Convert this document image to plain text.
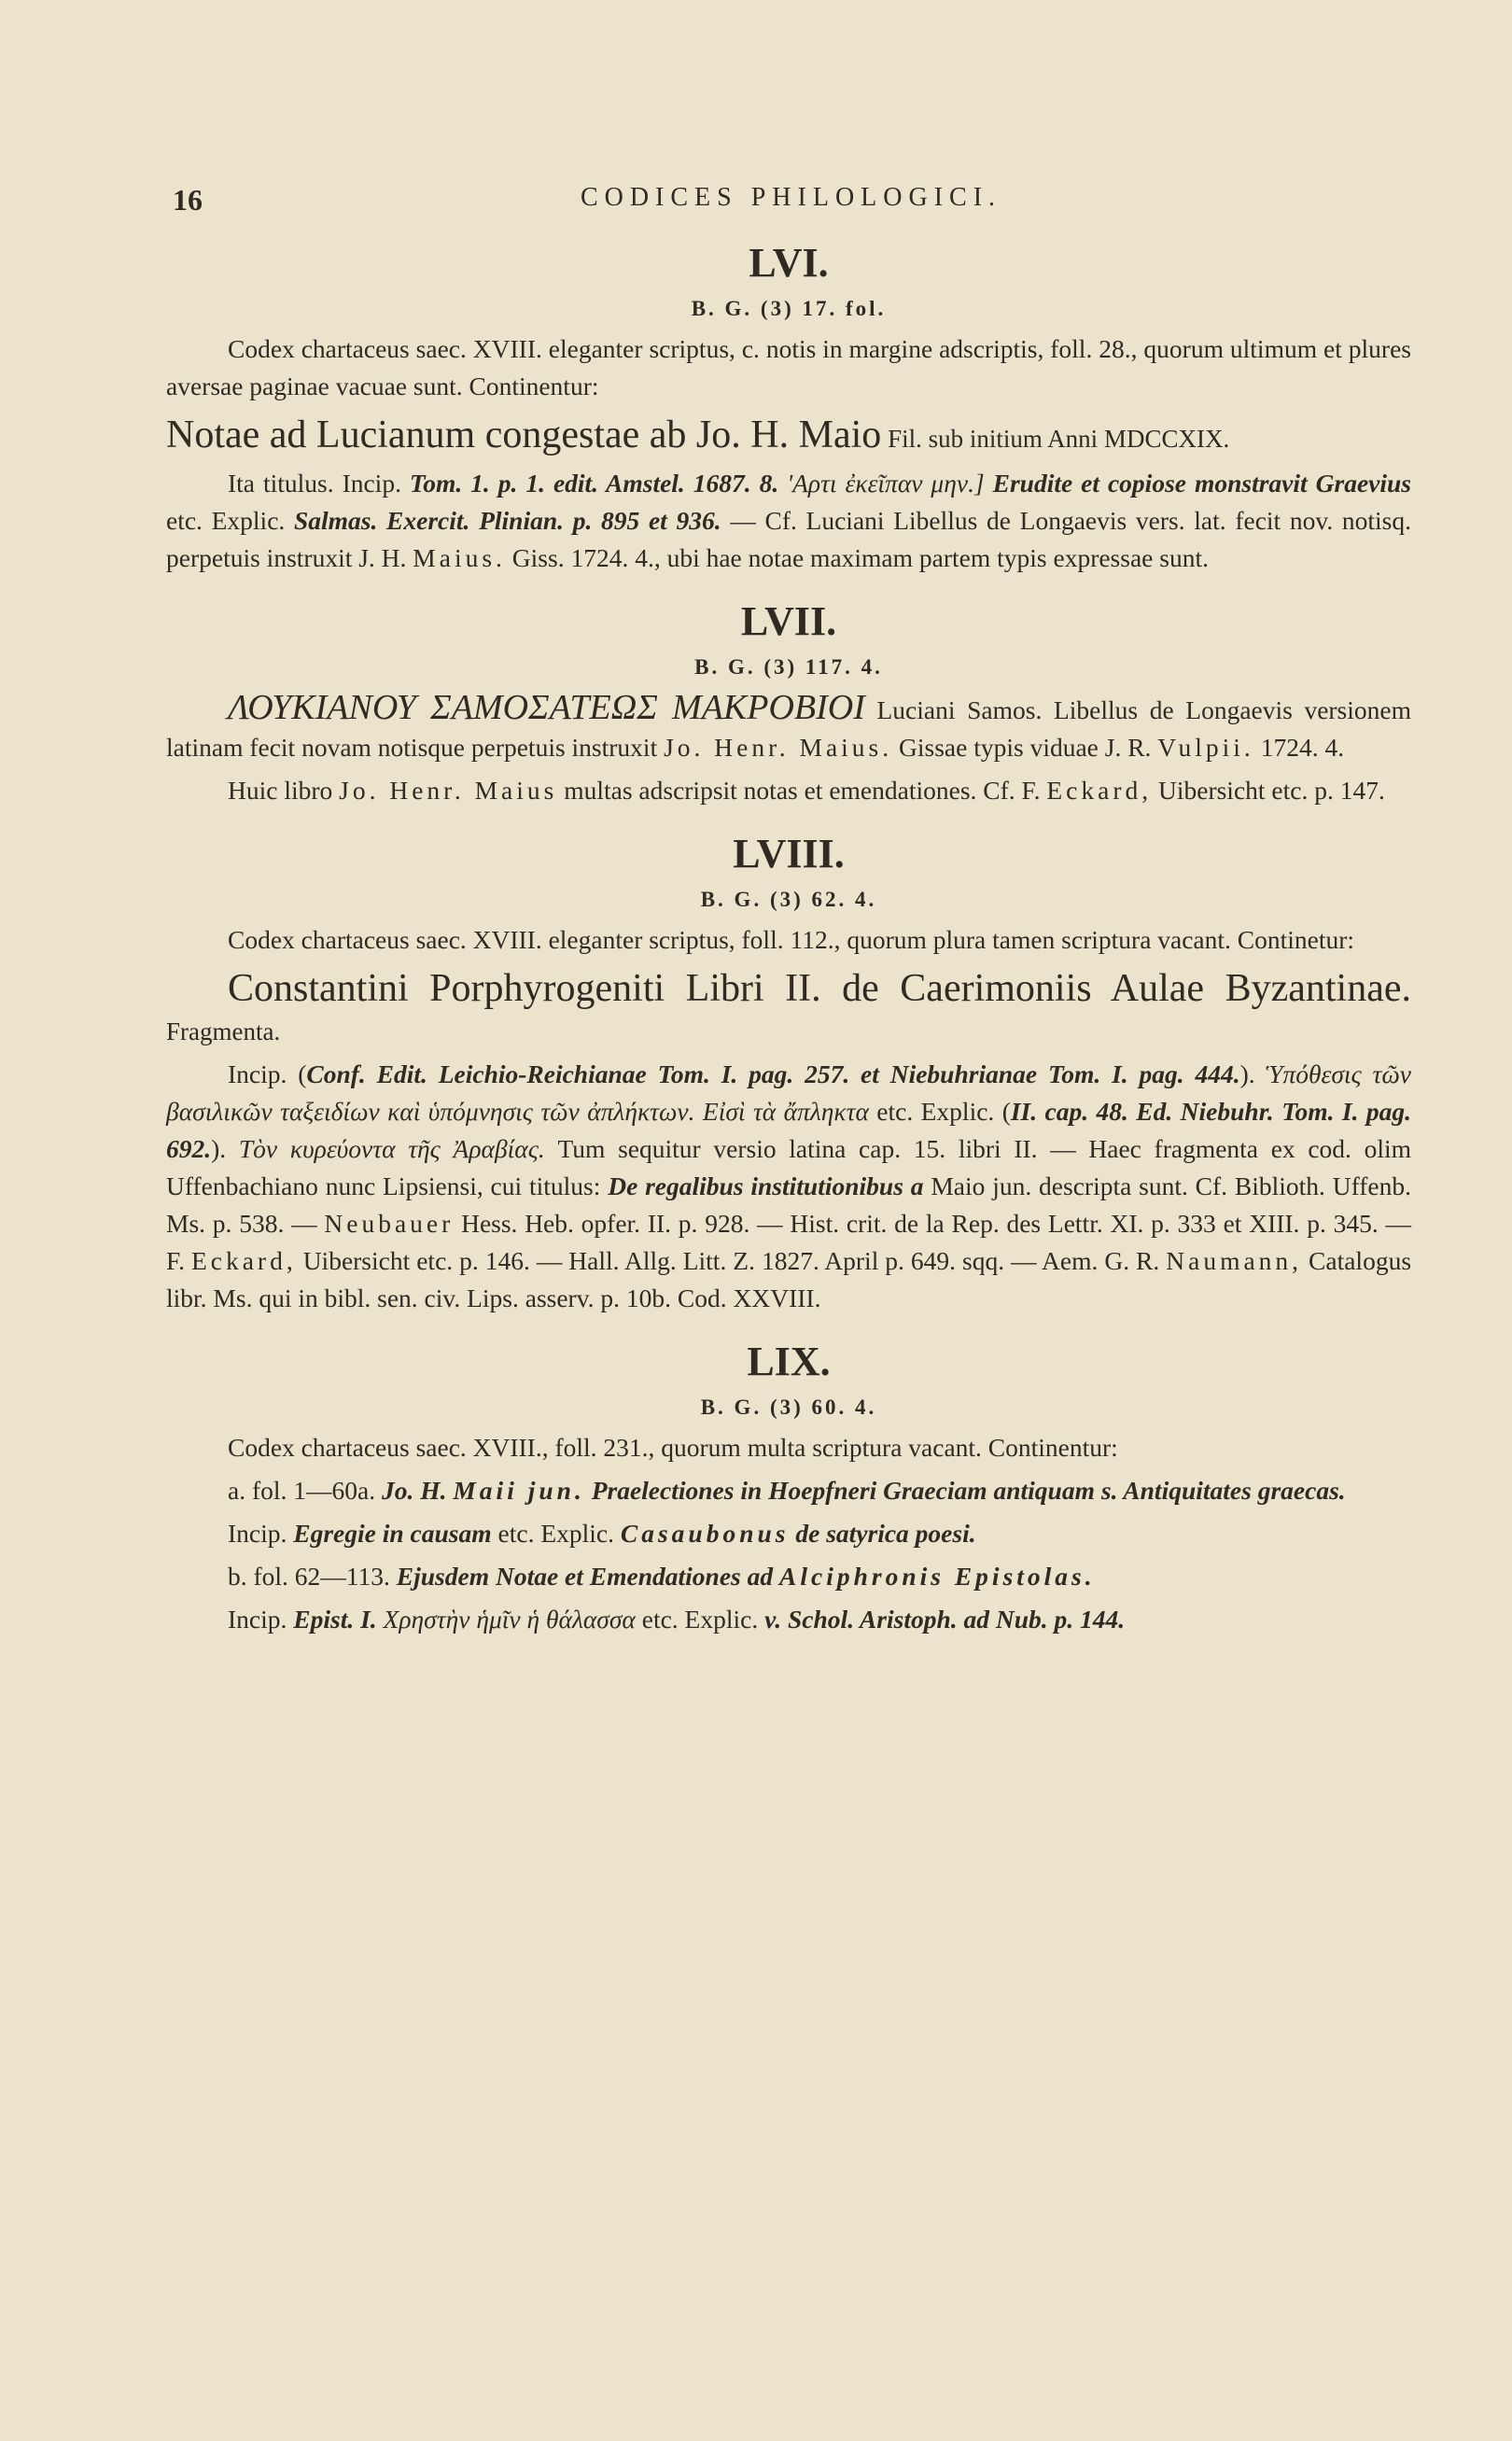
16	CODICES PHILOLOGICI.
LVI.
B. G. (3) 17. fol.

Codex chartaceus saec. XVIII. eleganter scriptus, c. notis in margine adscriptis, foll. 28., quorum ultimum et plures aversae paginae vacuae sunt. Continentur:

Notae ad Lucianum congestae ab Jo. H. Maio Fil. sub initium Anni MDCCXIX.

Ita titulus. Incip. Tom. 1. p. 1. edit. Amstel. 1687. 8. ʹΑρτι ἐκεῖπαν μην.] Erudite et copiose monstravit Graevius etc. Explic. Salmas. Exercit. Plinian. p. 895 et 936. — Cf. Luciani Libellus de Longaevis vers. lat. fecit nov. notisq. perpetuis instruxit J. H. Maius. Giss. 1724. 4., ubi hae notae maximam partem typis expressae sunt.

LVII.
B. G. (3) 117. 4.

ΛΟΥΚΙΑΝΟΥ ΣΑΜΟΣΑΤΕΩΣ ΜΑΚΡΟΒΙΟΙ Luciani Samos. Libellus de Longaevis versionem latinam fecit novam notisque perpetuis instruxit Jo. Henr. Maius. Gissae typis viduae J. R. Vulpii. 1724. 4.

Huic libro Jo. Henr. Maius multas adscripsit notas et emendationes. Cf. F. Eckard, Uibersicht etc. p. 147.

LVIII.
B. G. (3) 62. 4.

Codex chartaceus saec. XVIII. eleganter scriptus, foll. 112., quorum plura tamen scriptura vacant. Continetur:

Constantini Porphyrogeniti Libri II. de Caerimoniis Aulae Byzantinae. Fragmenta.

Incip. (Conf. Edit. Leichio-Reichianae Tom. I. pag. 257. et Niebuhrianae Tom. I. pag. 444.). Ὑπόθεσις τῶν βασιλικῶν ταξειδίων καὶ ὑπόμνησις τῶν ἀπλήκτων. Εἰσὶ τὰ ἄπληκτα etc. Explic. (II. cap. 48. Ed. Niebuhr. Tom. I. pag. 692.). Τὸν κυρεύοντα τῆς Ἀραβίας. Tum sequitur versio latina cap. 15. libri II. — Haec fragmenta ex cod. olim Uffenbachiano nunc Lipsiensi, cui titulus: De regalibus institutionibus a Maio jun. descripta sunt. Cf. Biblioth. Uffenb. Ms. p. 538. — Neubauer Hess. Heb. opfer. II. p. 928. — Hist. crit. de la Rep. des Lettr. XI. p. 333 et XIII. p. 345. — F. Eckard, Uibersicht etc. p. 146. — Hall. Allg. Litt. Z. 1827. April p. 649. sqq. — Aem. G. R. Naumann, Catalogus libr. Ms. qui in bibl. sen. civ. Lips. asserv. p. 10b. Cod. XXVIII.

LIX.
B. G. (3) 60. 4.

Codex chartaceus saec. XVIII., foll. 231., quorum multa scriptura vacant. Continentur:

a. fol. 1—60a. Jo. H. Maii jun. Praelectiones in Hoepfneri Graeciam antiquam s. Antiquitates graecas.

Incip. Egregie in causam etc. Explic. Casaubonus de satyrica poesi.

b. fol. 62—113. Ejusdem Notae et Emendationes ad Alciphronis Epistolas.

Incip. Epist. I. Χρηστὴν ἡμῖν ἡ θάλασσα etc. Explic. v. Schol. Aristoph. ad Nub. p. 144.
